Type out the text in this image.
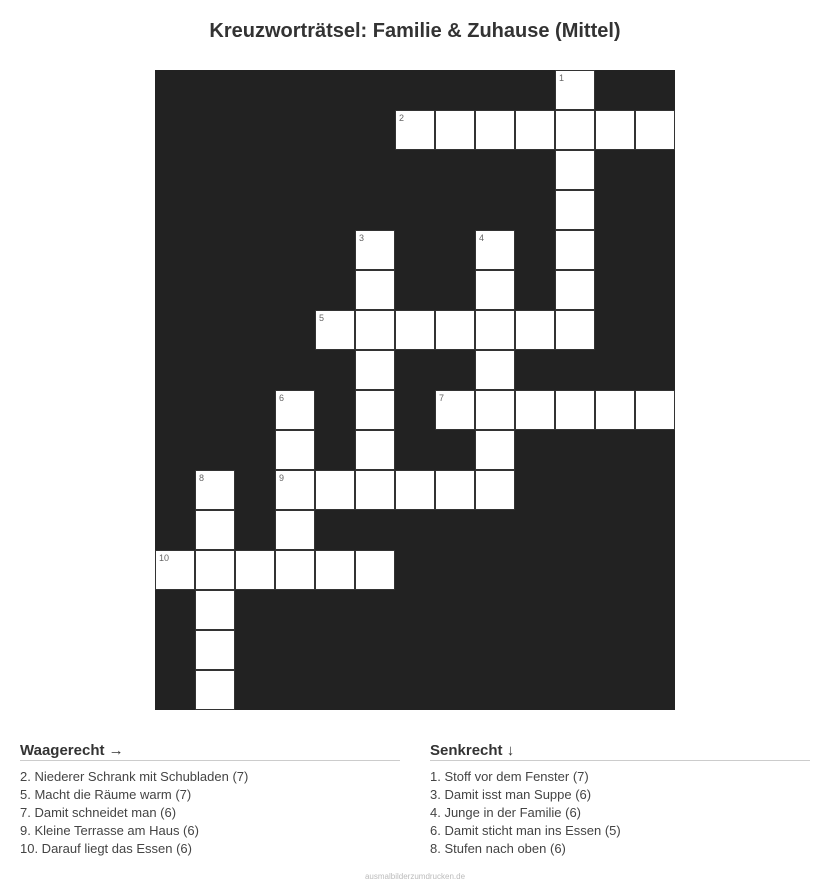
Kreuzworträtsel: Familie & Zuhause (Mittel)
1
2
3	4
5
6
9
7
8
10
Waagerecht →
2. Niederer Schrank mit Schubladen (7)
5. Macht die Räume warm (7)
7. Damit schneidet man (6)
9. Kleine Terrasse am Haus (6)
10. Darauf liegt das Essen (6)
Senkrecht ↓
1. Stoff vor dem Fenster (7)
3. Damit isst man Suppe (6)
4. Junge in der Familie (6)
6. Damit sticht man ins Essen (5)
8. Stufen nach oben (6)
ausmalbilderzumdrucken.de
